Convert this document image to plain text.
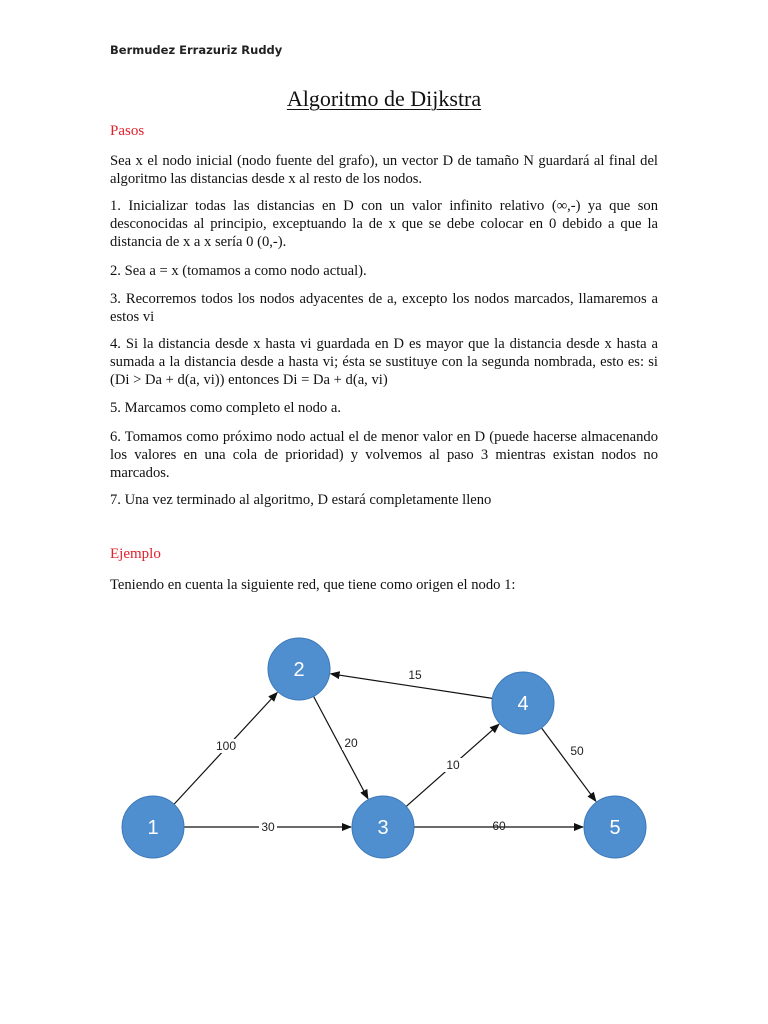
Bermudez Errazuriz Ruddy
Algoritmo de Dijkstra
Pasos
Sea x el nodo inicial (nodo fuente del grafo), un vector D de tamaño N guardará al final del algoritmo las distancias desde x al resto de los nodos.
1. Inicializar todas las distancias en D con un valor infinito relativo (∞,-) ya que son desconocidas al principio, exceptuando la de x que se debe colocar en 0 debido a que la distancia de x a x sería 0 (0,-).
2. Sea a = x (tomamos a como nodo actual).
3. Recorremos todos los nodos adyacentes de a, excepto los nodos marcados, llamaremos a estos vi
4. Si la distancia desde x hasta vi guardada en D es mayor que la distancia desde x hasta a sumada a la distancia desde a hasta vi; ésta se sustituye con la segunda nombrada, esto es: si (Di > Da + d(a, vi)) entonces Di = Da + d(a, vi)
5. Marcamos como completo el nodo a.
6. Tomamos como próximo nodo actual el de menor valor en D (puede hacerse almacenando los valores en una cola de prioridad) y volvemos al paso 3 mientras existan nodos no marcados.
7. Una vez terminado al algoritmo, D estará completamente lleno
Ejemplo
Teniendo en cuenta la siguiente red, que tiene como origen el nodo 1:
100
30
20
10
15
50
60
1
2
3
4
5
